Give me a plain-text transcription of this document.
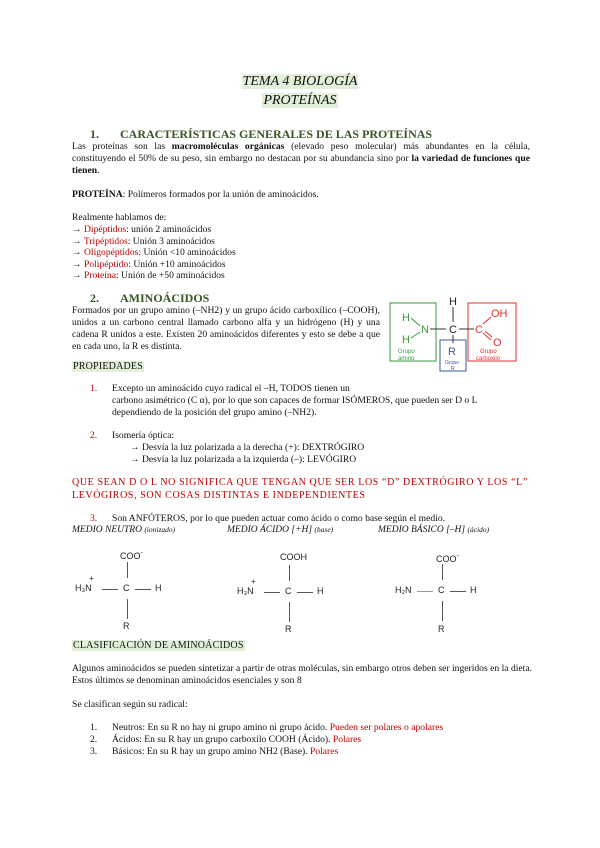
TEMA 4 BIOLOGÍA
PROTEÍNAS
1. CARACTERÍSTICAS GENERALES DE LAS PROTEÍNAS
Las proteínas son las macromoléculas orgánicas (elevado peso molecular) más abundantes en la célula, constituyendo el 50% de su peso, sin embargo no destacan por su abundancia sino por la variedad de funciones que tienen.
PROTEÍNA: Polímeros formados por la unión de aminoácidos.
Realmente hablamos de:
→ Dipéptidos: unión 2 aminoácidos
→ Tripéptidos: Unión 3 aminoácidos
→ Oligopéptidos: Unión <10 aminoácidos
→ Polipéptido: Unión +10 aminoácidos
→ Proteína: Unión de +50 aminoácidos
2. AMINOÁCIDOS
Formados por un grupo amino (–NH2) y un grupo ácido carboxílico (–COOH), unidos a un carbono central llamado carbono alfa y un hidrógeno (H) y una cadena R unidos a este. Existen 20 aminoácidos diferentes y esto se debe a que en cada uno, la R es distinta.
H
H
N C
H
R
Grupo
R
C
OH
O
Grupo
amino
Grupo
carboxilo
PROPIEDADES
1. Excepto un aminoácido cuyo radical el –H, TODOS tienen un
carbono asimétrico (C α), por lo que son capaces de formar ISÓMEROS, que pueden ser D o L
dependiendo de la posición del grupo amino (–NH2).
2. Isomería óptica:
→ Desvía la luz polarizada a la derecha (+): DEXTRÓGIRO
→ Desvía la luz polarizada a la izquierda (–): LEVÓGIRO
QUE SEAN D O L NO SIGNIFICA QUE TENGAN QUE SER LOS “D” DEXTRÓGIRO Y LOS “L” LEVÓGIROS, SON COSAS DISTINTAS E INDEPENDIENTES
3. Son ANFÓTEROS, por lo que pueden actuar como ácido o como base según el medio.
MEDIO NEUTRO (ionizado)	MEDIO ÁCIDO [+H] (base)	MEDIO BÁSICO [–H] (ácido)
COO-
H₃N
+
C	H
R
COOH
H₃N
+
C	H
R
COO-
H₂N	C	H
R
CLASIFICACIÓN DE AMINOÁCIDOS
Algunos aminoácidos se pueden sintetizar a partir de otras moléculas, sin embargo otros deben ser ingeridos en la dieta. Estos últimos se denominan aminoácidos esenciales y son 8
Se clasifican según su radical:
1. Neutros: En su R no hay ni grupo amino ni grupo ácido. Pueden ser polares o apolares
2. Ácidos: En su R hay un grupo carboxilo COOH (Ácido). Polares
3. Básicos: En su R hay un grupo amino NH2 (Base). Polares
